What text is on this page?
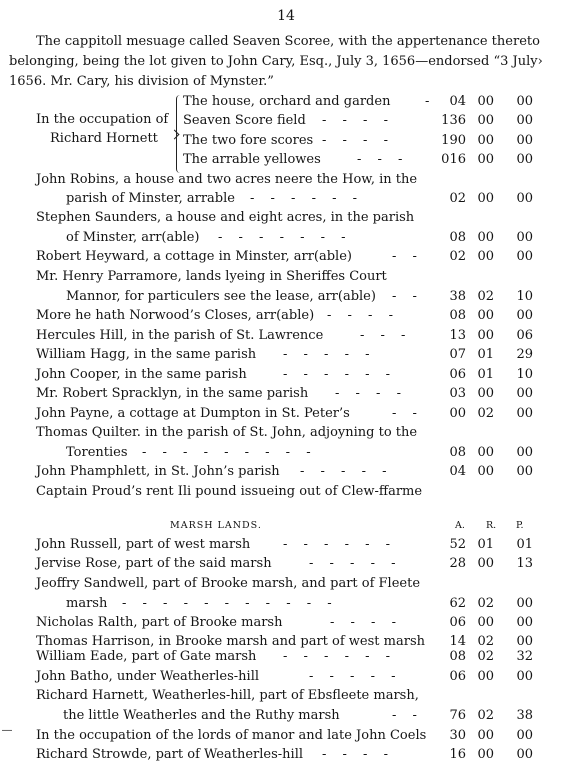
14
The cappitoll mesuage called Seaven Scoree, with the appertenance thereto
belonging, being the lot given to John Cary, Esq., July 3, 1656—endorsed “3 July›
1656. Mr. Cary, his division of Mynster.”
In the occupation of
Richard Hornett
The house, orchard and garden	-	04 00	00
Seaven Score field - - - -	136 00	00
The two fore scores - - - -	190 00	00
The arrable yellowes	- - -	016 00	00
John Robins, a house and two acres neere the How, in the
parish of Minster, arrable - - - - - -	02 00	00
Stephen Saunders, a house and eight acres, in the parish
of Minster, arr(able) - - - - - - -	08 00	00
Robert Heyward, a cottage in Minster, arr(able)	- -	02 00	00
Mr. Henry Parramore, lands lyeing in Sheriffes Court
Mannor, for particulers see the lease, arr(able) - -	38 02	10
More he hath Norwood’s Closes, arr(able) - - - -	08 00	00
Hercules Hill, in the parish of St. Lawrence	- - -	13 00	06
William Hagg, in the same parish - - - - -	07 01	29
John Cooper, in the same parish	- - - - - -	06 01	10
Mr. Robert Spracklyn, in the same parish - - - -	03 00	00
John Payne, a cottage at Dumpton in St. Peter’s	- -	00 02	00
Thomas Quilter. in the parish of St. John, adjoyning to the
Torenties - - - - - - - - -	08 00	00
John Phamphlett, in St. John’s parish - - - - -	04 00	00
Captain Proud’s rent Ili pound issueing out of Clew-ffarme
MARSH LANDS.	A. R. P.
John Russell, part of west marsh	- - - - - -	52 01	01
Jervise Rose, part of the said marsh	- - - - -	28 00	13
Jeoffry Sandwell, part of Brooke marsh, and part of Fleete
marsh - - - - - - - - - - -	62 02	00
Nicholas Ralth, part of Brooke marsh	- - - -	06 00	00
Thomas Harrison, in Brooke marsh and part of west marsh	14 02	00
William Eade, part of Gate marsh - - - - - -	08 02	32
John Batho, under Weatherles-hill	- - - - -	06 00	00
Richard Harnett, Weatherles-hill, part of Ebsfleete marsh,
the little Weatherles and the Ruthy marsh	- -	76 02	38
In the occupation of the lords of manor and late John Coels	30 00	00
Richard Strowde, part of Weatherles-hill - - - -	16 00	00
―
